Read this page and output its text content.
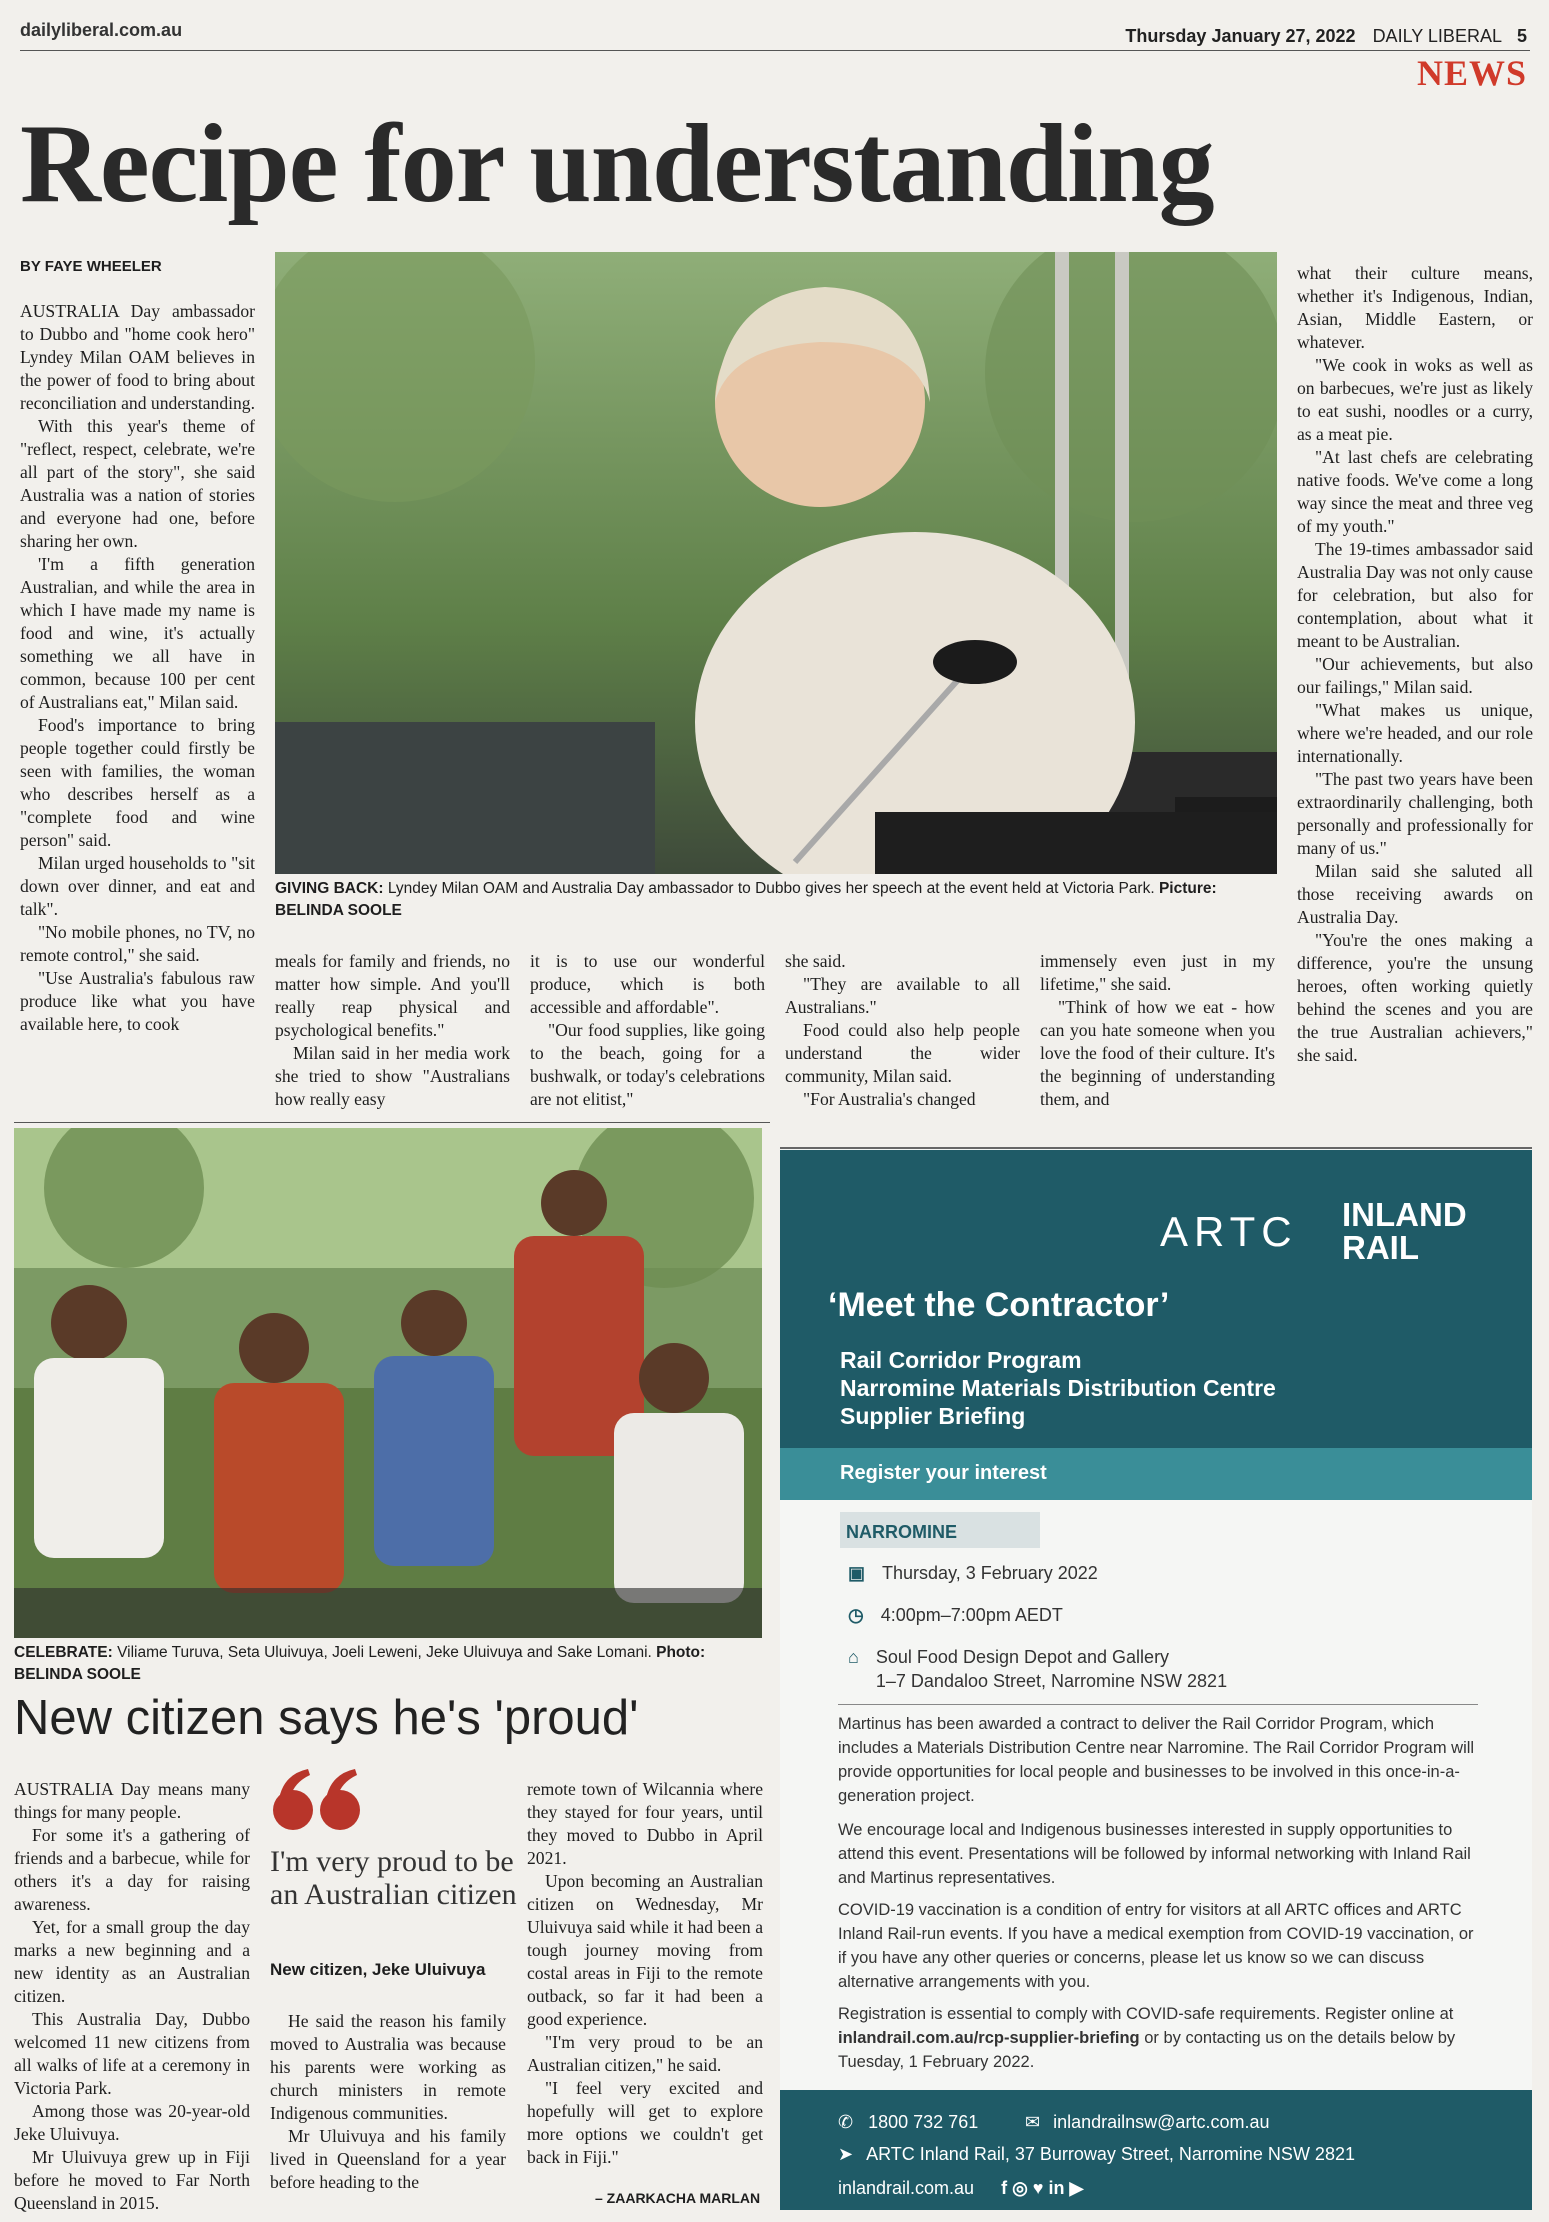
dailyliberal.com.au	Thursday January 27, 2022 DAILY LIBERAL 5
NEWS
Recipe for understanding
BY FAYE WHEELER

AUSTRALIA Day ambassador to Dubbo and "home cook hero" Lyndey Milan OAM believes in the power of food to bring about reconciliation and understanding.

With this year's theme of "reflect, respect, celebrate, we're all part of the story", she said Australia was a nation of stories and everyone had one, before sharing her own.

'I'm a fifth generation Australian, and while the area in which I have made my name is food and wine, it's actually something we all have in common, because 100 per cent of Australians eat," Milan said.

Food's importance to bring people together could firstly be seen with families, the woman who describes herself as a "complete food and wine person" said.

Milan urged households to "sit down over dinner, and eat and talk".

"No mobile phones, no TV, no remote control," she said.

"Use Australia's fabulous raw produce like what you have available here, to cook

GIVING BACK: Lyndey Milan OAM and Australia Day ambassador to Dubbo gives her speech at the event held at Victoria Park. Picture: BELINDA SOOLE

meals for family and friends, no matter how simple. And you'll really reap physical and psychological benefits."

Milan said in her media work she tried to show "Australians how really easy

it is to use our wonderful produce, which is both accessible and affordable".

"Our food supplies, like going to the beach, going for a bushwalk, or today's celebrations are not elitist,"

she said.

"They are available to all Australians."

Food could also help people understand the wider community, Milan said.

"For Australia's changed

immensely even just in my lifetime," she said.

"Think of how we eat - how can you hate someone when you love the food of their culture. It's the beginning of understanding them, and

what their culture means, whether it's Indigenous, Indian, Asian, Middle Eastern, or whatever.

"We cook in woks as well as on barbecues, we're just as likely to eat sushi, noodles or a curry, as a meat pie.

"At last chefs are celebrating native foods. We've come a long way since the meat and three veg of my youth."

The 19-times ambassador said Australia Day was not only cause for celebration, but also for contemplation, about what it meant to be Australian.

"Our achievements, but also our failings," Milan said.

"What makes us unique, where we're headed, and our role internationally.

"The past two years have been extraordinarily challenging, both personally and professionally for many of us."

Milan said she saluted all those receiving awards on Australia Day.

"You're the ones making a difference, you're the unsung heroes, often working quietly behind the scenes and you are the true Australian achievers," she said.

CELEBRATE: Viliame Turuva, Seta Uluivuya, Joeli Leweni, Jeke Uluivuya and Sake Lomani. Photo: BELINDA SOOLE
New citizen says he's 'proud'

AUSTRALIA Day means many things for many people.

For some it's a gathering of friends and a barbecue, while for others it's a day for raising awareness.

Yet, for a small group the day marks a new beginning and a new identity as an Australian citizen.

This Australia Day, Dubbo welcomed 11 new citizens from all walks of life at a ceremony in Victoria Park.

Among those was 20-year-old Jeke Uluivuya.

Mr Uluivuya grew up in Fiji before he moved to Far North Queensland in 2015.

I'm very proud to be an Australian citizen
New citizen, Jeke Uluivuya

He said the reason his family moved to Australia was because his parents were working as church ministers in remote Indigenous communities.

Mr Uluivuya and his family lived in Queensland for a year before heading to the

remote town of Wilcannia where they stayed for four years, until they moved to Dubbo in April 2021.

Upon becoming an Australian citizen on Wednesday, Mr Uluivuya said while it had been a tough journey moving from costal areas in Fiji to the remote outback, so far it had been a good experience.

"I'm very proud to be an Australian citizen," he said.

"I feel very excited and hopefully will get to explore more options we couldn't get back in Fiji."

– ZAARKACHA MARLAN
ARTC INLAND
RAIL
‘Meet the Contractor’
Rail Corridor Program
Narromine Materials Distribution Centre
Supplier Briefing
Register your interest
NARROMINE
▣ Thursday, 3 February 2022
◷ 4:00pm–7:00pm AEDT
⌂ Soul Food Design Depot and Gallery
1–7 Dandaloo Street, Narromine NSW 2821
Martinus has been awarded a contract to deliver the Rail Corridor Program, which includes a Materials Distribution Centre near Narromine. The Rail Corridor Program will provide opportunities for local people and businesses to be involved in this once-in-a-generation project.
We encourage local and Indigenous businesses interested in supply opportunities to attend this event. Presentations will be followed by informal networking with Inland Rail and Martinus representatives.
COVID-19 vaccination is a condition of entry for visitors at all ARTC offices and ARTC Inland Rail-run events. If you have a medical exemption from COVID-19 vaccination, or if you have any other queries or concerns, please let us know so we can discuss alternative arrangements with you.
Registration is essential to comply with COVID-safe requirements. Register online at inlandrail.com.au/rcp-supplier-briefing or by contacting us on the details below by Tuesday, 1 February 2022.
✆ 1800 732 761	✉ inlandrailnsw@artc.com.au
➤ ARTC Inland Rail, 37 Burroway Street, Narromine NSW 2821
inlandrail.com.au f ◎ ♥ in ▶
